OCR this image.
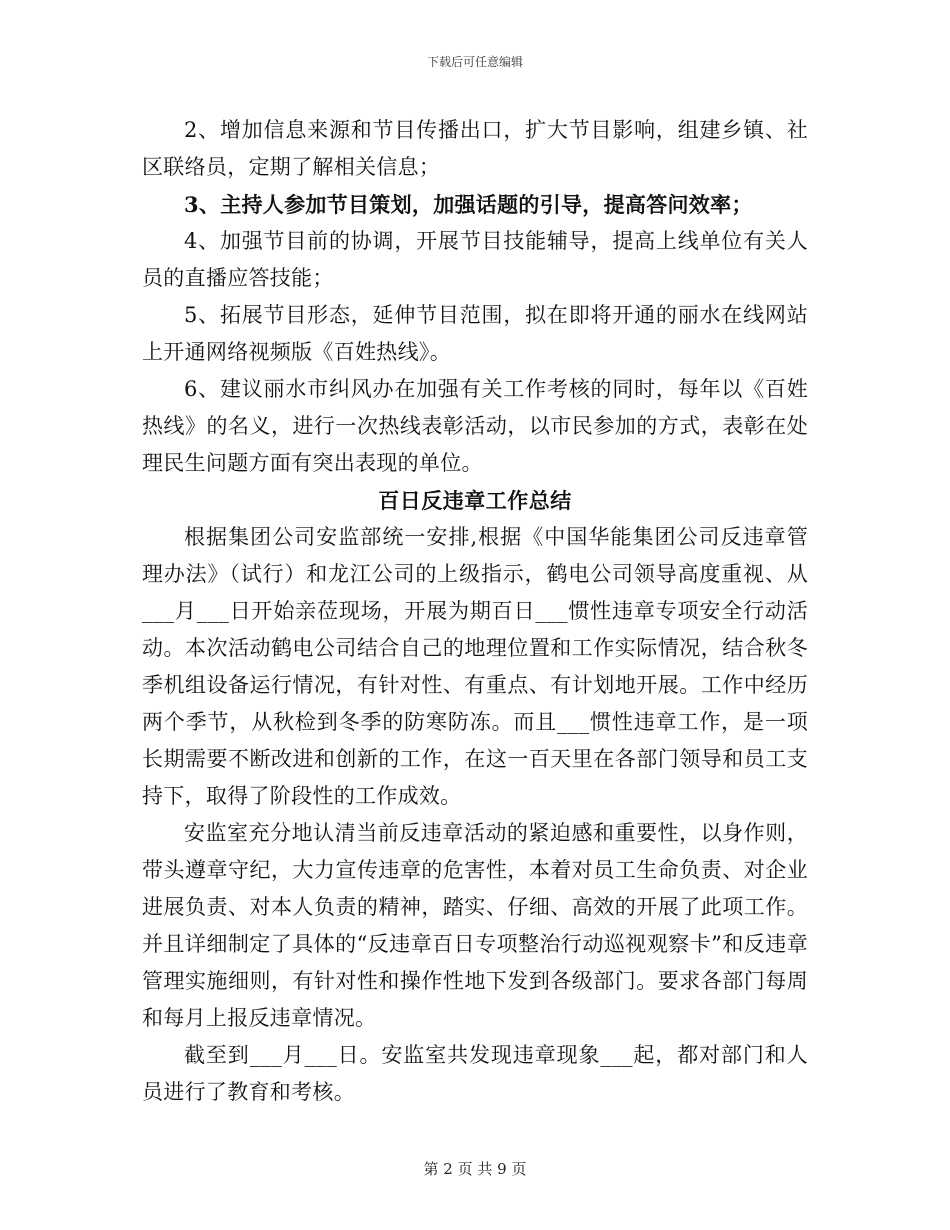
下载后可任意编辑

2、增加信息来源和节目传播出口，扩大节目影响，组建乡镇、社区联络员，定期了解相关信息；

3、主持人参加节目策划，加强话题的引导，提高答问效率；

4、加强节目前的协调，开展节目技能辅导，提高上线单位有关人员的直播应答技能；

5、拓展节目形态，延伸节目范围，拟在即将开通的丽水在线网站上开通网络视频版《百姓热线》。

6、建议丽水市纠风办在加强有关工作考核的同时，每年以《百姓热线》的名义，进行一次热线表彰活动，以市民参加的方式，表彰在处理民生问题方面有突出表现的单位。

百日反违章工作总结

根据集团公司安监部统一安排,根据《中国华能集团公司反违章管理办法》（试行）和龙江公司的上级指示，鹤电公司领导高度重视、从___月___日开始亲莅现场，开展为期百日___惯性违章专项安全行动活动。本次活动鹤电公司结合自己的地理位置和工作实际情况，结合秋冬季机组设备运行情况，有针对性、有重点、有计划地开展。工作中经历两个季节，从秋检到冬季的防寒防冻。而且___惯性违章工作，是一项长期需要不断改进和创新的工作，在这一百天里在各部门领导和员工支持下，取得了阶段性的工作成效。

安监室充分地认清当前反违章活动的紧迫感和重要性，以身作则，带头遵章守纪，大力宣传违章的危害性，本着对员工生命负责、对企业进展负责、对本人负责的精神，踏实、仔细、高效的开展了此项工作。并且详细制定了具体的“反违章百日专项整治行动巡视观察卡”和反违章管理实施细则，有针对性和操作性地下发到各级部门。要求各部门每周和每月上报反违章情况。

截至到___月___日。安监室共发现违章现象___起，都对部门和人员进行了教育和考核。

第 2 页 共 9 页
